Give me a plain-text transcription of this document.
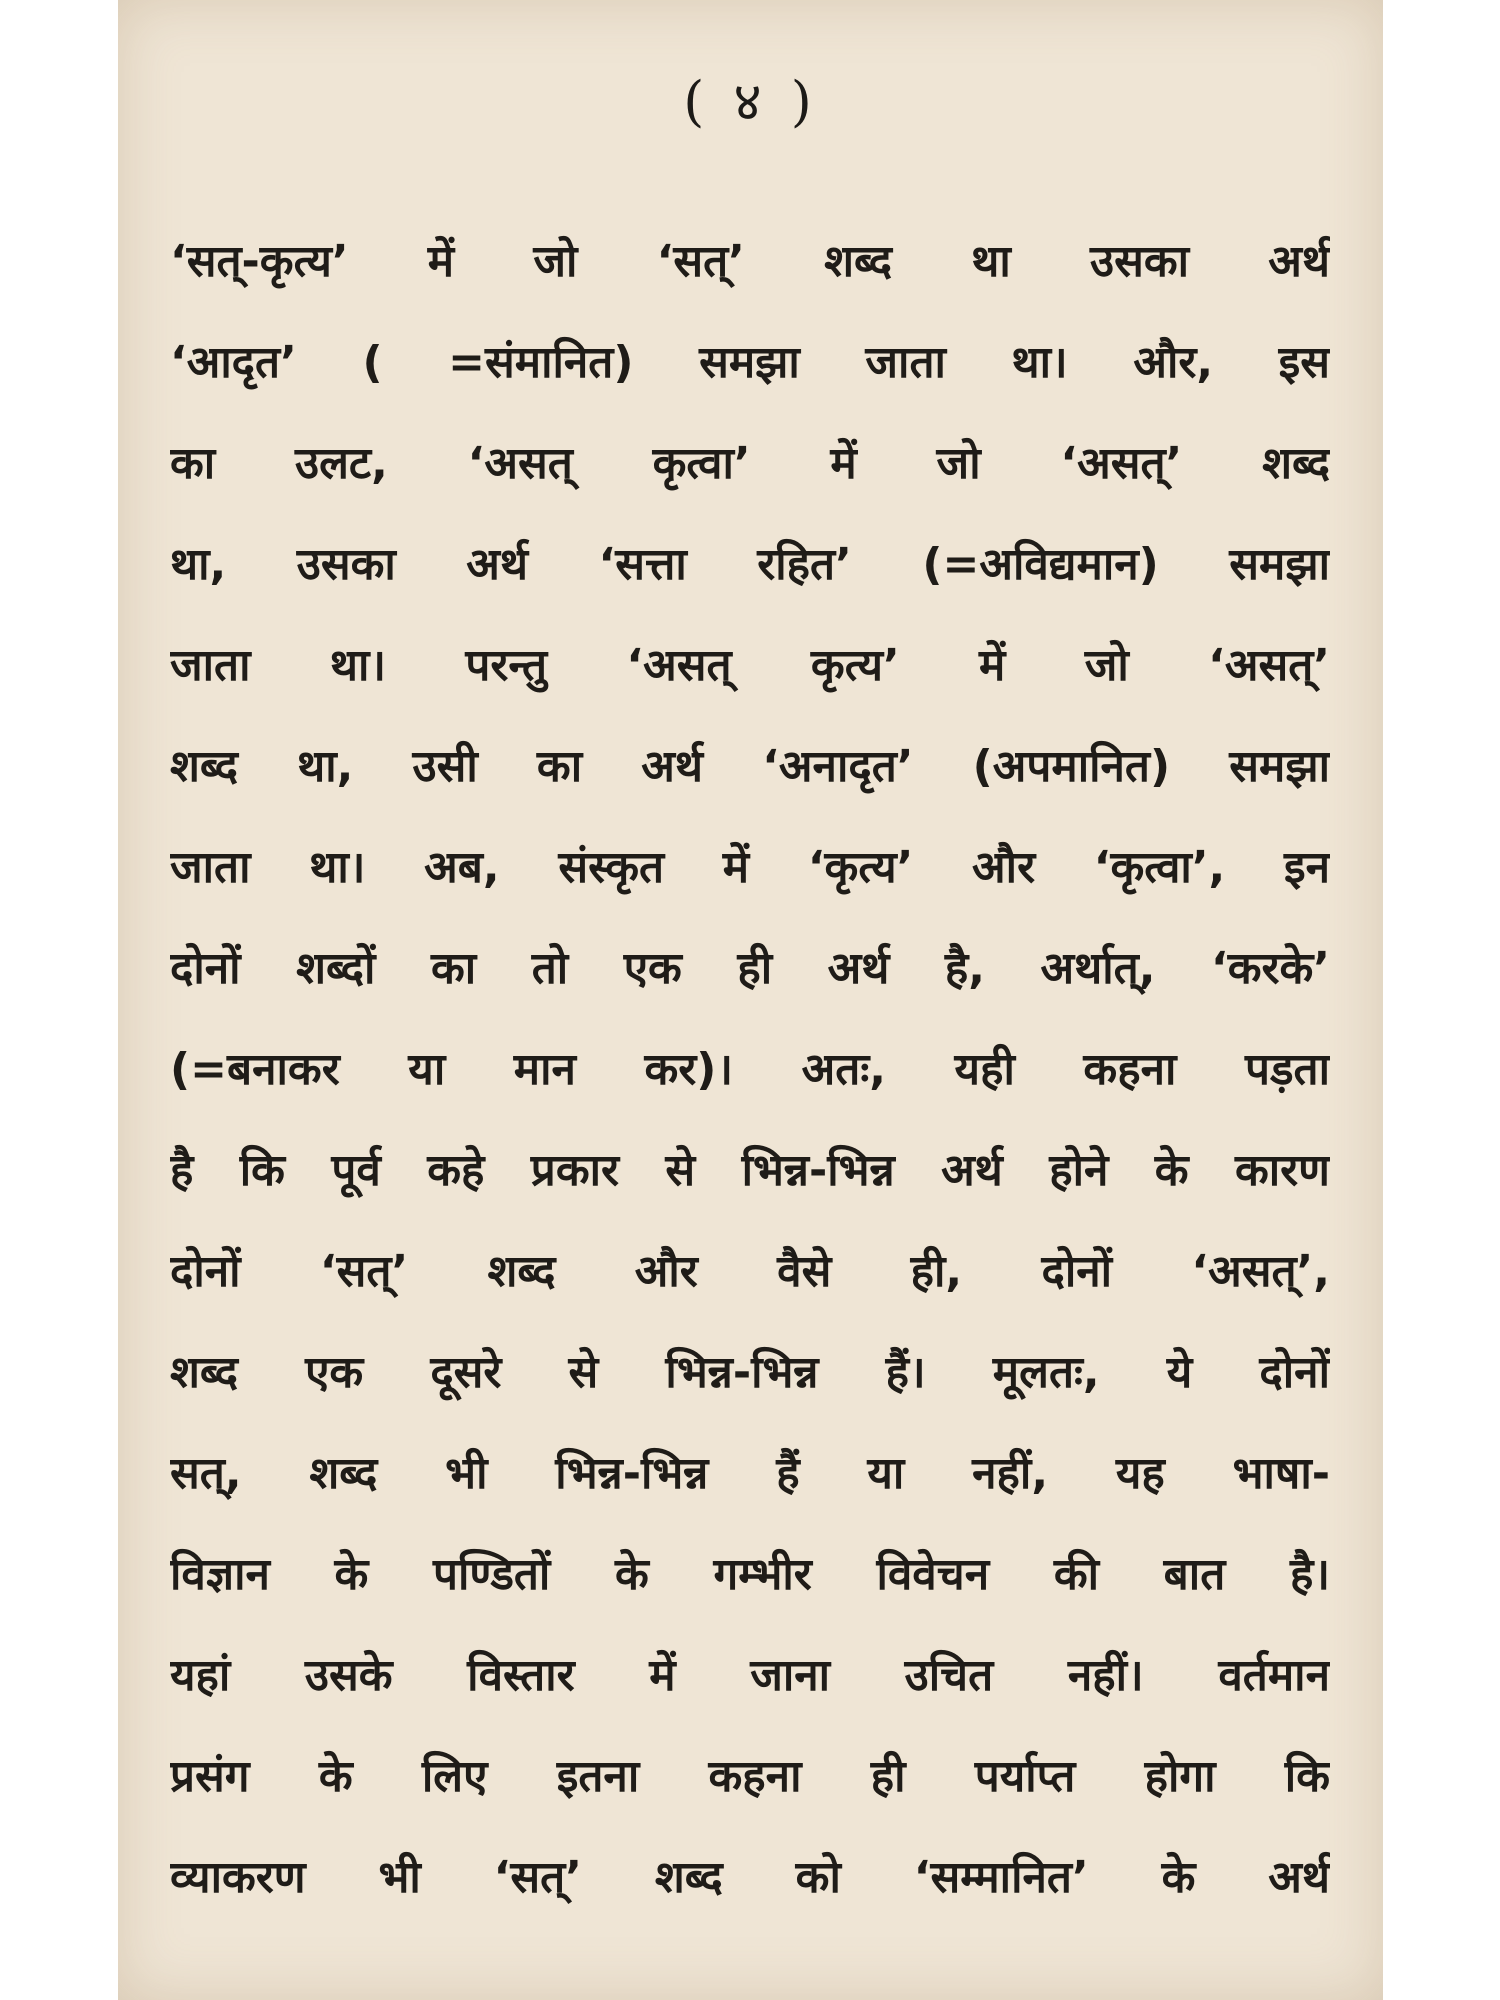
( ४ )
‘सत्-कृत्य’ में जो ‘सत्’ शब्द था उसका अर्थ
‘आदृत’ ( =संमानित) समझा जाता था। और, इस
का उलट, ‘असत् कृत्वा’ में जो ‘असत्’ शब्द
था, उसका अर्थ ‘सत्ता रहित’ (=अविद्यमान) समझा
जाता था। परन्तु ‘असत् कृत्य’ में जो ‘असत्’
शब्द था, उसी का अर्थ ‘अनादृत’ (अपमानित) समझा
जाता था। अब, संस्कृत में ‘कृत्य’ और ‘कृत्वा’, इन
दोनों शब्दों का तो एक ही अर्थ है, अर्थात्, ‘करके’
(=बनाकर या मान कर)। अतः, यही कहना पड़ता
है कि पूर्व कहे प्रकार से भिन्न-भिन्न अर्थ होने के कारण
दोनों ‘सत्’ शब्द और वैसे ही, दोनों ‘असत्’,
शब्द एक दूसरे से भिन्न-भिन्न हैं। मूलतः, ये दोनों
सत्, शब्द भी भिन्न-भिन्न हैं या नहीं, यह भाषा-
विज्ञान के पण्डितों के गम्भीर विवेचन की बात है।
यहां उसके विस्तार में जाना उचित नहीं। वर्तमान
प्रसंग के लिए इतना कहना ही पर्याप्त होगा कि
व्याकरण भी ‘सत्’ शब्द को ‘सम्मानित’ के अर्थ
